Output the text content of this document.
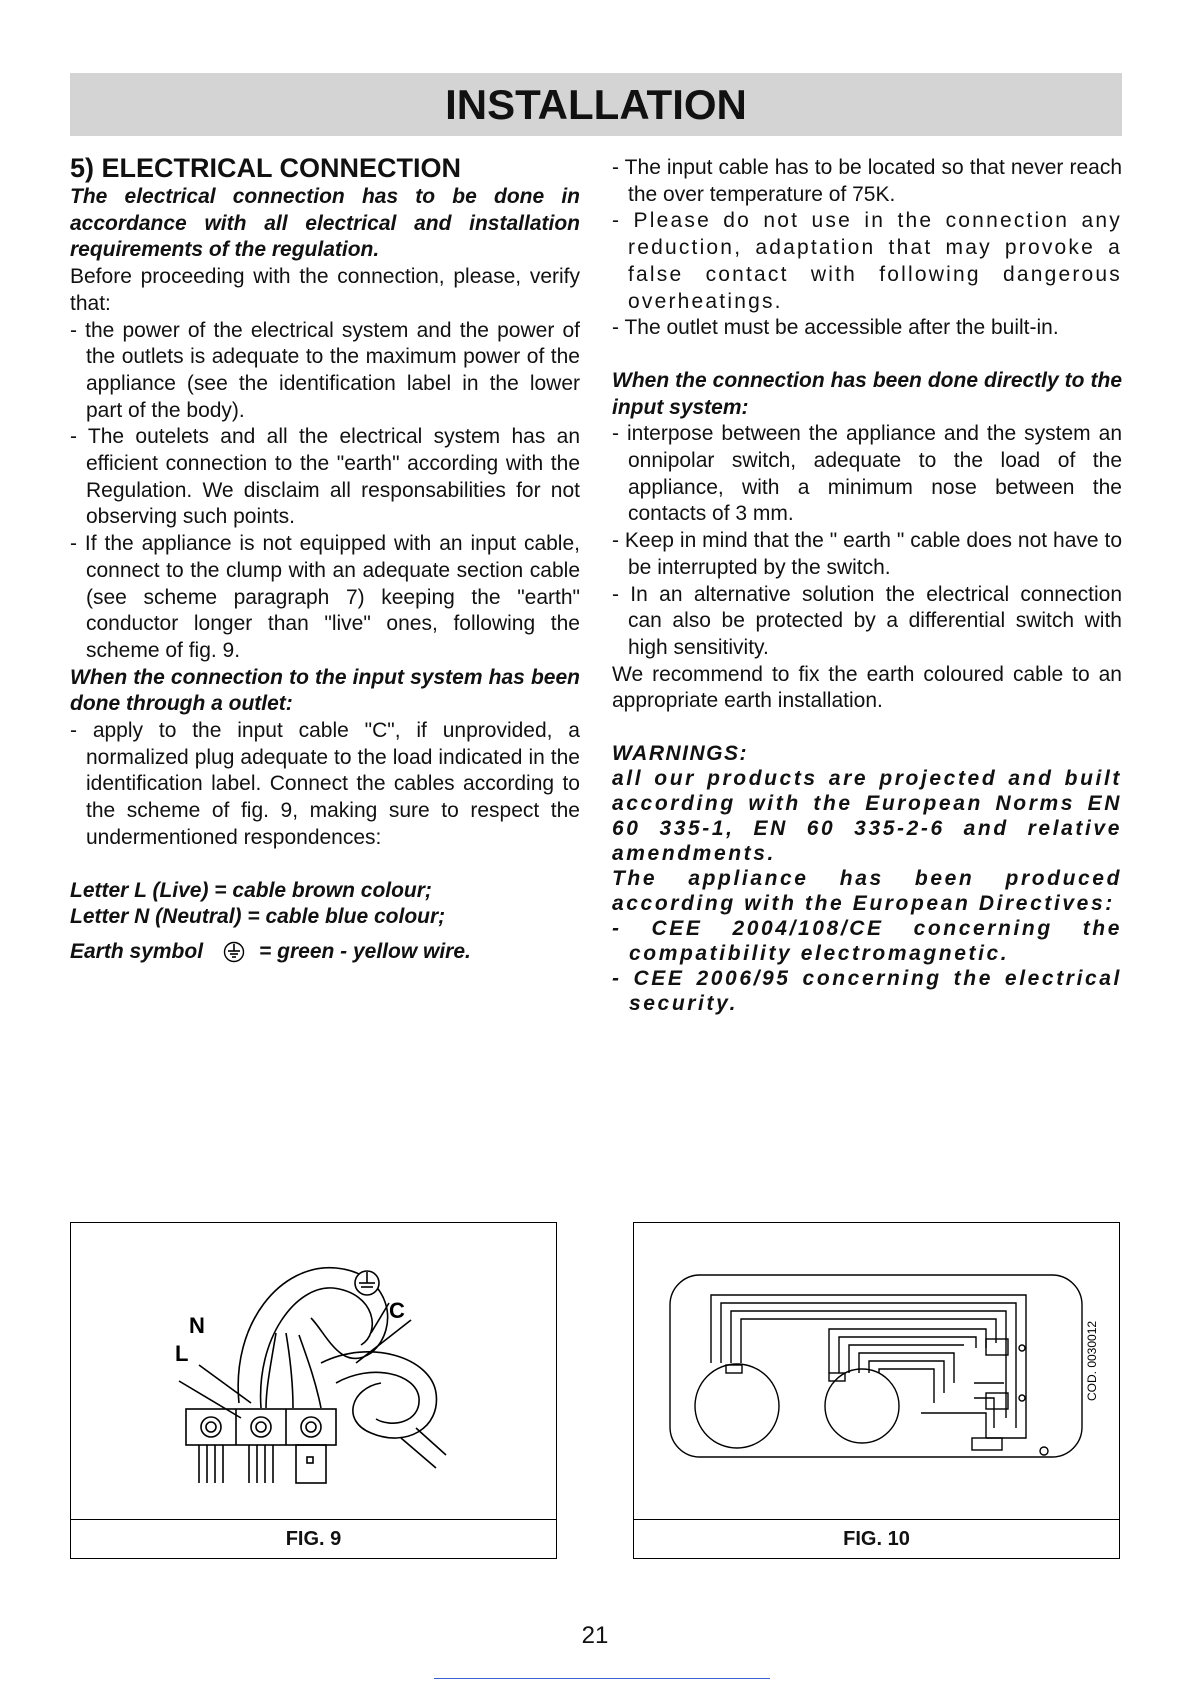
INSTALLATION

5) ELECTRICAL CONNECTION

The electrical connection has to be done in accordance with all electrical and installation requirements of the regulation.

Before proceeding with the connection, please, verify that:

- the power of the electrical system and the power of the outlets is adequate to the maximum power of the appliance (see the identification label in the lower part of the body).

- The outelets and all the electrical system has an efficient connection to the "earth" according with the Regulation. We disclaim all responsabilities for not observing such points.

- If the appliance is not equipped with an input cable, connect to the clump with an adequate section cable (see scheme paragraph 7) keeping the "earth" conductor longer than "live" ones, following the scheme of fig. 9.

When the connection to the input system has been done through a outlet:

- apply to the input cable "C", if unprovided, a normalized plug adequate to the load indicated in the identification label. Connect the cables according to the scheme of fig. 9, making sure to respect the undermentioned respondences:

Letter L (Live) = cable brown colour;

Letter N (Neutral) = cable blue colour;

Earth symbol	= green - yellow wire.

- The input cable has to be located so that never reach the over temperature of 75K.

- Please do not use in the connection any reduction, adaptation that may provoke a false contact with following dangerous overheatings.

- The outlet must be accessible after the built-in.

When the connection has been done directly to the input system:

- interpose between the appliance and the system an onnipolar switch, adequate to the load of the appliance, with a minimum nose between the contacts of 3 mm.

- Keep in mind that the " earth " cable does not have to be interrupted by the switch.

- In an alternative solution the electrical connection can also be protected by a differential switch with high sensitivity.

We recommend to fix the earth coloured cable to an appropriate earth installation.

WARNINGS:

all our products are projected and built according with the European Norms EN 60 335-1, EN 60 335-2-6 and relative amendments.

The appliance has been produced according with the European Directives:

- CEE 2004/108/CE concerning the compatibility electromagnetic.

- CEE 2006/95 concerning the electrical security.

N
L
C
FIG. 9
COD. 0030012
FIG. 10
21
